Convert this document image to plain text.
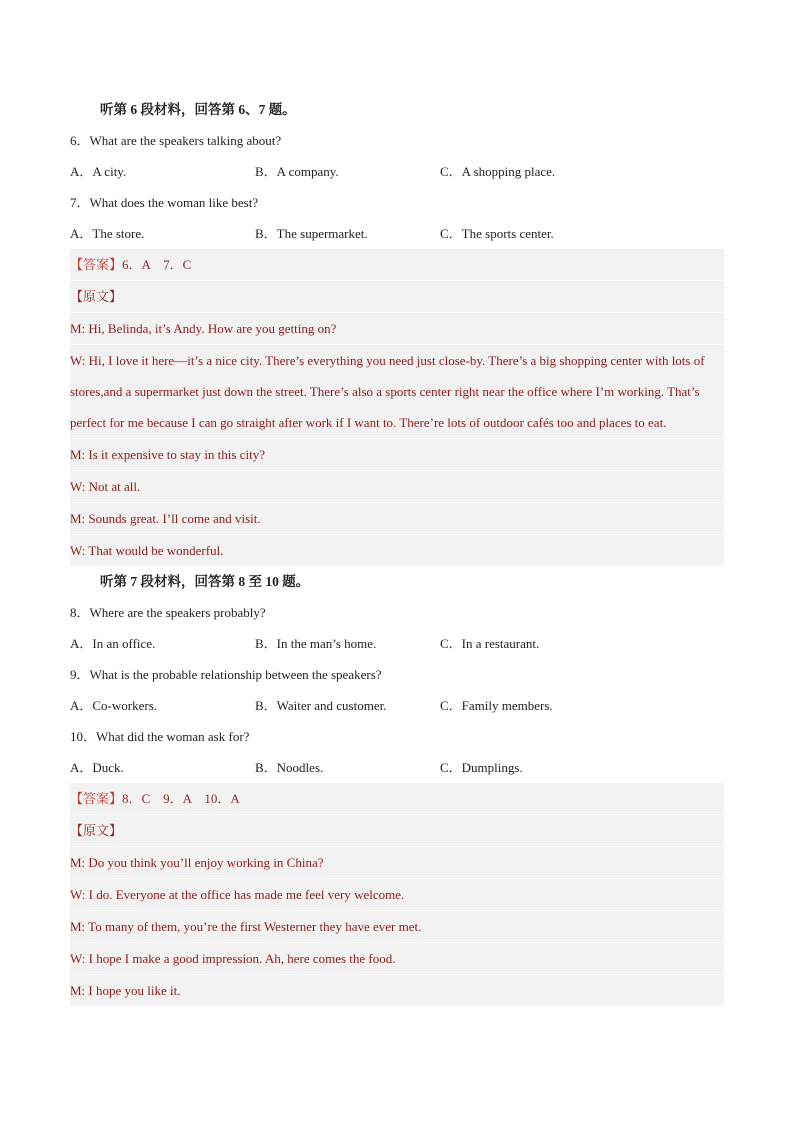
听第 6 段材料，回答第 6、7 题。
6．What are the speakers talking about?
A．A city.	B．A company.	C．A shopping place.
7．What does the woman like best?
A．The store.	B．The supermarket.	C．The sports center.
【答案】6．A　7．C
【原文】
M: Hi, Belinda, it’s Andy. How are you getting on?
W: Hi, I love it here—it’s a nice city. There’s everything you need just close-by. There’s a big shopping center with lots of stores,and a supermarket just down the street. There’s also a sports center right near the office where I’m working. That’s perfect for me because I can go straight after work if I want to. There’re lots of outdoor cafés too and places to eat.
M: Is it expensive to stay in this city?
W: Not at all.
M: Sounds great. I’ll come and visit.
W: That would be wonderful.
听第 7 段材料，回答第 8 至 10 题。
8．Where are the speakers probably?
A．In an office.	B．In the man’s home.	C．In a restaurant.
9．What is the probable relationship between the speakers?
A．Co-workers.	B．Waiter and customer.	C．Family members.
10．What did the woman ask for?
A．Duck.	B．Noodles.	C．Dumplings.
【答案】8．C　9．A　10．A
【原文】
M: Do you think you’ll enjoy working in China?
W: I do. Everyone at the office has made me feel very welcome.
M: To many of them, you’re the first Westerner they have ever met.
W: I hope I make a good impression. Ah, here comes the food.
M: I hope you like it.
